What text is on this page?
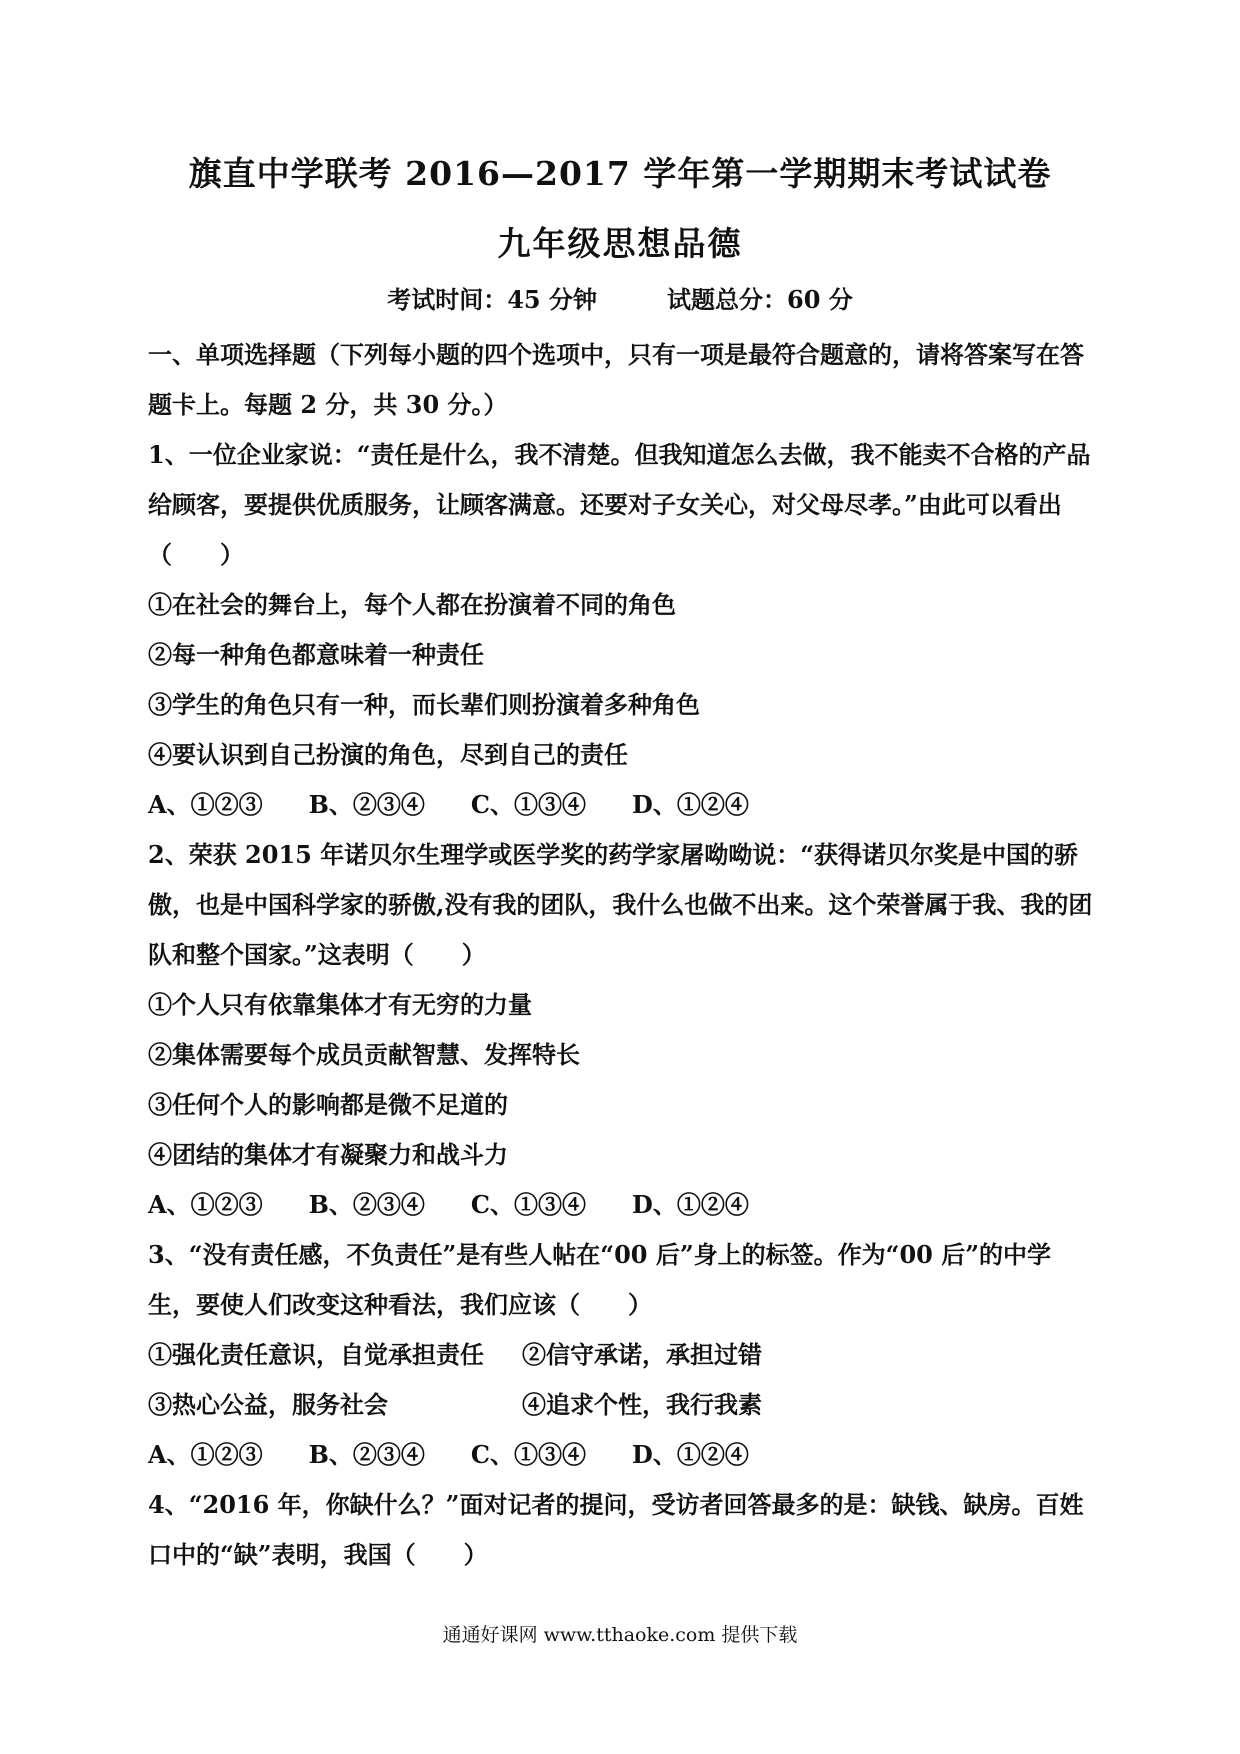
旗直中学联考 2016—2017 学年第一学期期末考试试卷
九年级思想品德
考试时间：45 分钟	试题总分：60 分

一、单项选择题（下列每小题的四个选项中，只有一项是最符合题意的，请将答案写在答题卡上。每题 2 分，共 30 分。）

1、一位企业家说：“责任是什么，我不清楚。但我知道怎么去做，我不能卖不合格的产品给顾客，要提供优质服务，让顾客满意。还要对子女关心，对父母尽孝。”由此可以看出（　　）

①在社会的舞台上，每个人都在扮演着不同的角色

②每一种角色都意味着一种责任

③学生的角色只有一种，而长辈们则扮演着多种角色

④要认识到自己扮演的角色，尽到自己的责任

A、①②③ B、②③④ C、①③④ D、①②④

2、荣获 2015 年诺贝尔生理学或医学奖的药学家屠呦呦说：“获得诺贝尔奖是中国的骄傲，也是中国科学家的骄傲,没有我的团队，我什么也做不出来。这个荣誉属于我、我的团队和整个国家。”这表明（　　）

①个人只有依靠集体才有无穷的力量

②集体需要每个成员贡献智慧、发挥特长

③任何个人的影响都是微不足道的

④团结的集体才有凝聚力和战斗力

A、①②③ B、②③④ C、①③④ D、①②④

3、“没有责任感，不负责任”是有些人帖在“00 后”身上的标签。作为“00 后”的中学生，要使人们改变这种看法，我们应该（　　）

①强化责任意识，自觉承担责任 ②信守承诺，承担过错

③热心公益，服务社会	④追求个性，我行我素

A、①②③ B、②③④ C、①③④ D、①②④

4、“2016 年，你缺什么？”面对记者的提问，受访者回答最多的是：缺钱、缺房。百姓口中的“缺”表明，我国（　　）

通通好课网 www.tthaoke.com 提供下载
